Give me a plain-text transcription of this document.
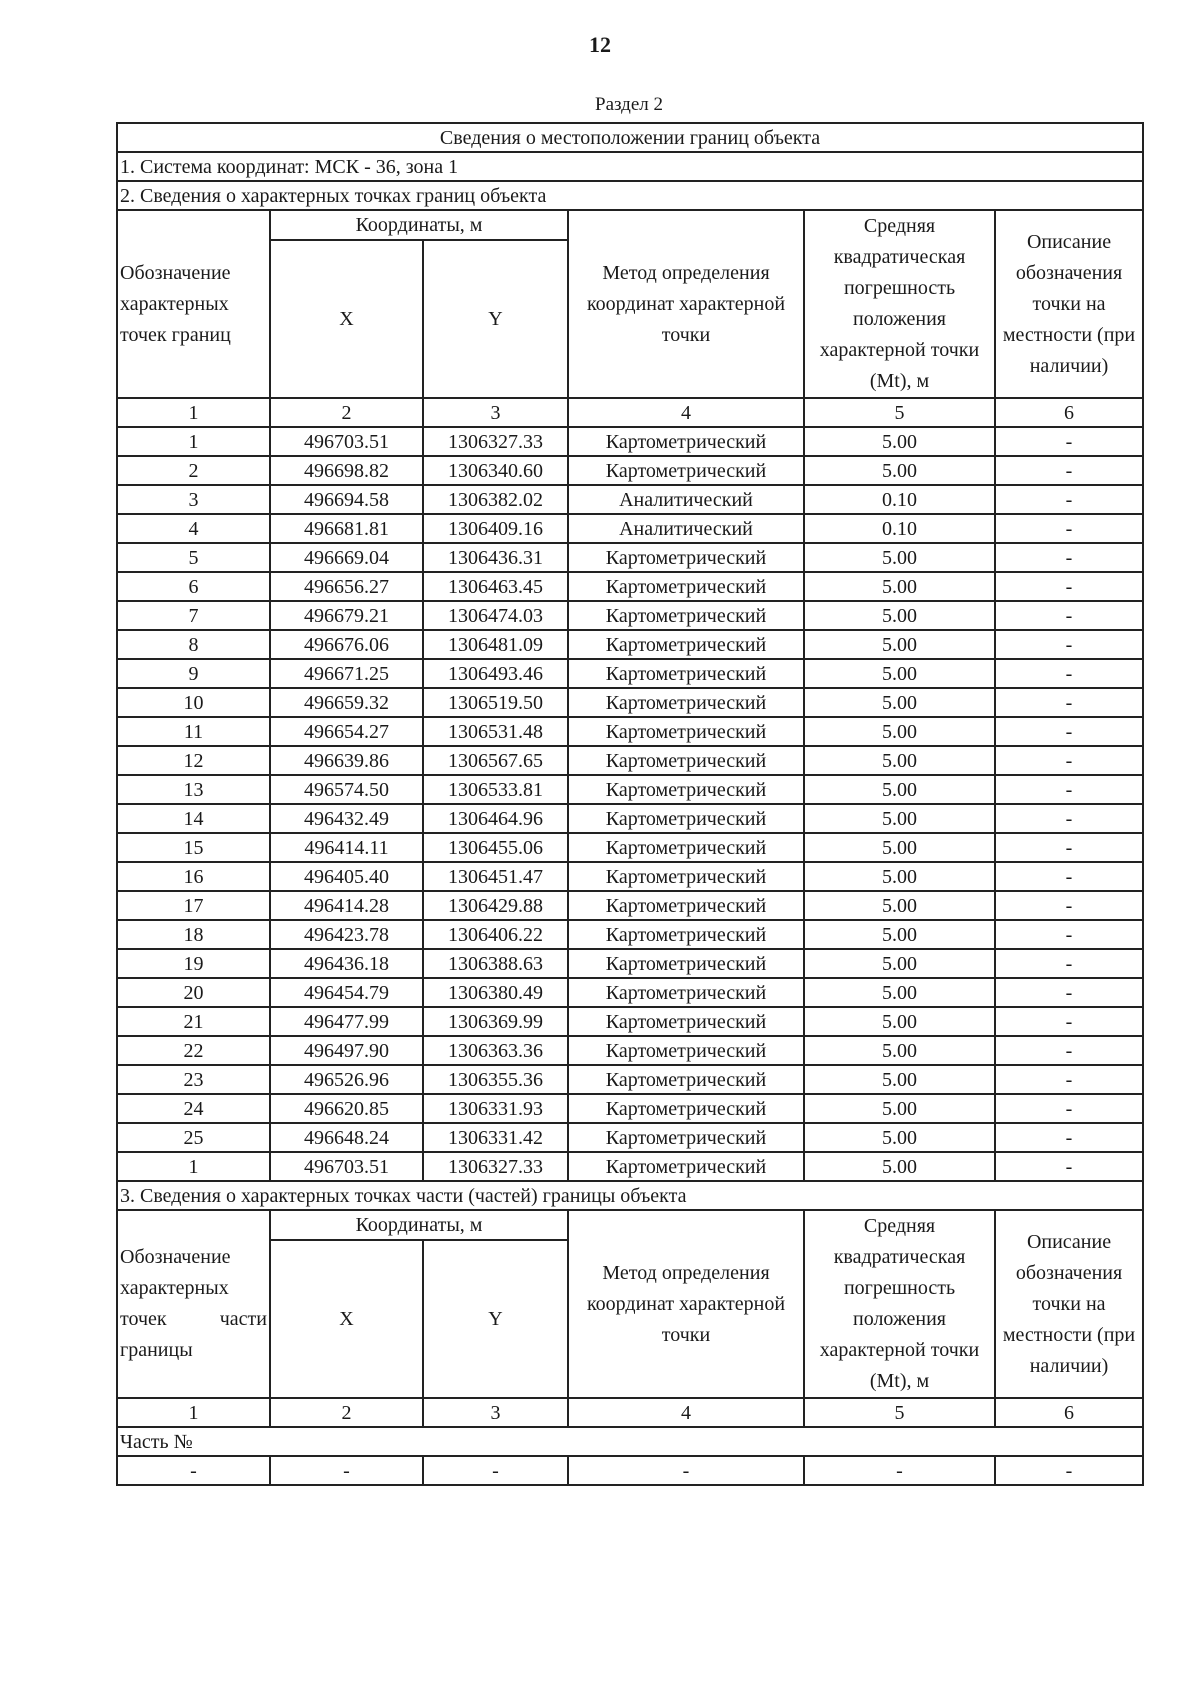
12
Раздел 2
Сведения о местоположении границ объекта					
1. Система координат: МСК - 36, зона 1					
2. Сведения о характерных точках границ объекта					
Обозначение характерных точек границ	Координаты, м		Метод определения координат характерной точки	Средняя квадратическая погрешность положения характерной точки (Mt), м	Описание обозначения точки на местности (при наличии)
	X	Y			
1	2	3	4	5	6
1	496703.51	1306327.33	Картометрический	5.00	-
2	496698.82	1306340.60	Картометрический	5.00	-
3	496694.58	1306382.02	Аналитический	0.10	-
4	496681.81	1306409.16	Аналитический	0.10	-
5	496669.04	1306436.31	Картометрический	5.00	-
6	496656.27	1306463.45	Картометрический	5.00	-
7	496679.21	1306474.03	Картометрический	5.00	-
8	496676.06	1306481.09	Картометрический	5.00	-
9	496671.25	1306493.46	Картометрический	5.00	-
10	496659.32	1306519.50	Картометрический	5.00	-
11	496654.27	1306531.48	Картометрический	5.00	-
12	496639.86	1306567.65	Картометрический	5.00	-
13	496574.50	1306533.81	Картометрический	5.00	-
14	496432.49	1306464.96	Картометрический	5.00	-
15	496414.11	1306455.06	Картометрический	5.00	-
16	496405.40	1306451.47	Картометрический	5.00	-
17	496414.28	1306429.88	Картометрический	5.00	-
18	496423.78	1306406.22	Картометрический	5.00	-
19	496436.18	1306388.63	Картометрический	5.00	-
20	496454.79	1306380.49	Картометрический	5.00	-
21	496477.99	1306369.99	Картометрический	5.00	-
22	496497.90	1306363.36	Картометрический	5.00	-
23	496526.96	1306355.36	Картометрический	5.00	-
24	496620.85	1306331.93	Картометрический	5.00	-
25	496648.24	1306331.42	Картометрический	5.00	-
1	496703.51	1306327.33	Картометрический	5.00	-
3. Сведения о характерных точках части (частей) границы объекта					
Обозначение характерных точек части границы	Координаты, м		Метод определения координат характерной точки	Средняя квадратическая погрешность положения характерной точки (Mt), м	Описание обозначения точки на местности (при наличии)
	X	Y			
1	2	3	4	5	6
Часть №					
-	-	-	-	-	-
